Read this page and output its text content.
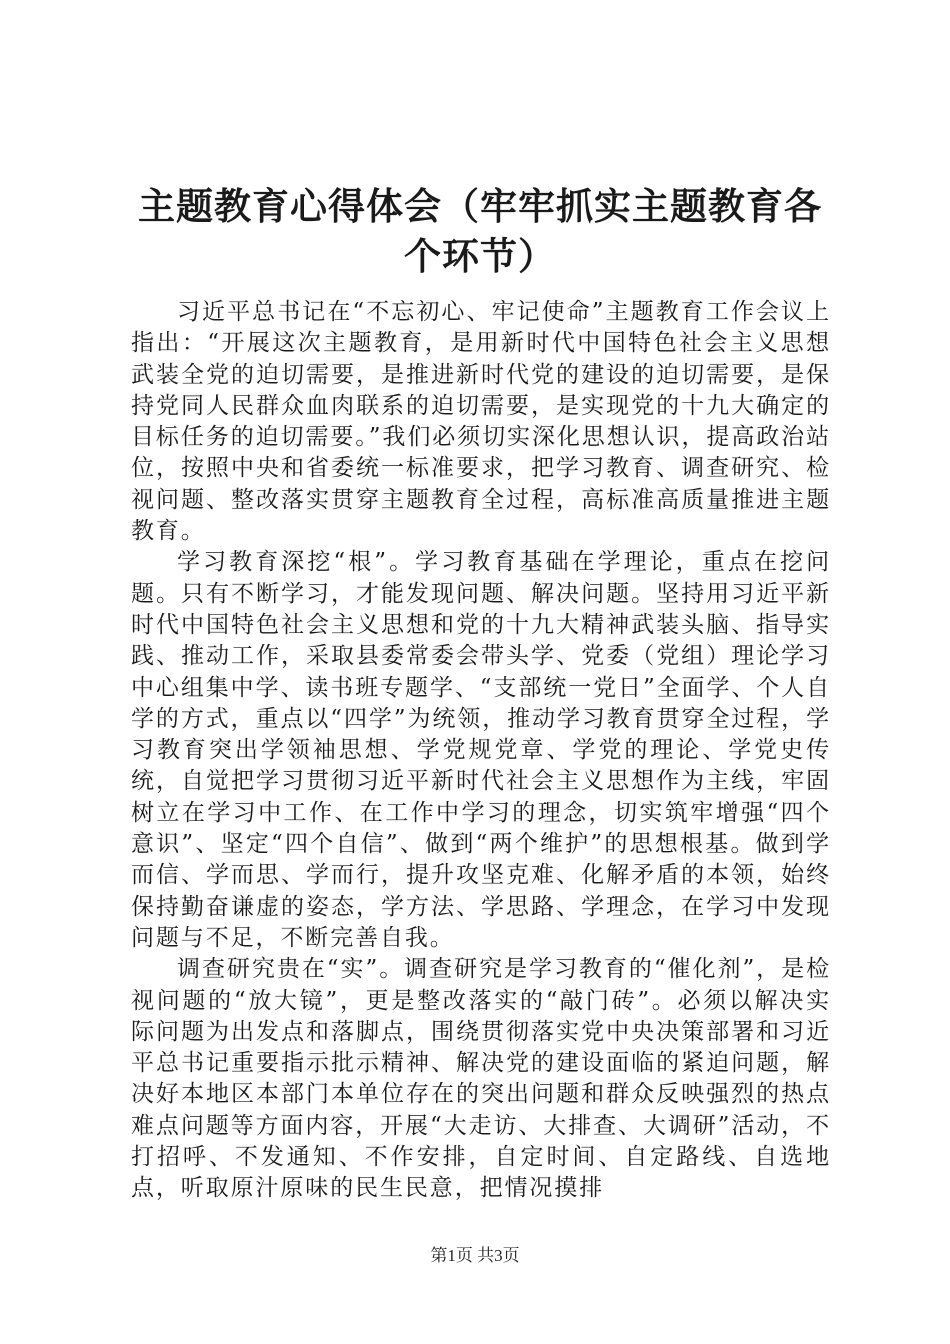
主题教育心得体会（牢牢抓实主题教育各个环节）

习近平总书记在“不忘初心、牢记使命”主题教育工作会议上指出：“开展这次主题教育，是用新时代中国特色社会主义思想武装全党的迫切需要，是推进新时代党的建设的迫切需要，是保持党同人民群众血肉联系的迫切需要，是实现党的十九大确定的目标任务的迫切需要。”我们必须切实深化思想认识，提高政治站位，按照中央和省委统一标准要求，把学习教育、调查研究、检视问题、整改落实贯穿主题教育全过程，高标准高质量推进主题教育。

学习教育深挖“根”。学习教育基础在学理论，重点在挖问题。只有不断学习，才能发现问题、解决问题。坚持用习近平新时代中国特色社会主义思想和党的十九大精神武装头脑、指导实践、推动工作，采取县委常委会带头学、党委（党组）理论学习中心组集中学、读书班专题学、“支部统一党日”全面学、个人自学的方式，重点以“四学”为统领，推动学习教育贯穿全过程，学习教育突出学领袖思想、学党规党章、学党的理论、学党史传统，自觉把学习贯彻习近平新时代社会主义思想作为主线，牢固树立在学习中工作、在工作中学习的理念，切实筑牢增强“四个意识”、坚定“四个自信”、做到“两个维护”的思想根基。做到学而信、学而思、学而行，提升攻坚克难、化解矛盾的本领，始终保持勤奋谦虚的姿态，学方法、学思路、学理念，在学习中发现问题与不足，不断完善自我。

调查研究贵在“实”。调查研究是学习教育的“催化剂”，是检视问题的“放大镜”，更是整改落实的“敲门砖”。必须以解决实际问题为出发点和落脚点，围绕贯彻落实党中央决策部署和习近平总书记重要指示批示精神、解决党的建设面临的紧迫问题，解决好本地区本部门本单位存在的突出问题和群众反映强烈的热点难点问题等方面内容，开展“大走访、大排查、大调研”活动，不打招呼、不发通知、不作安排，自定时间、自定路线、自选地点，听取原汁原味的民生民意，把情况摸排

第1页 共3页
